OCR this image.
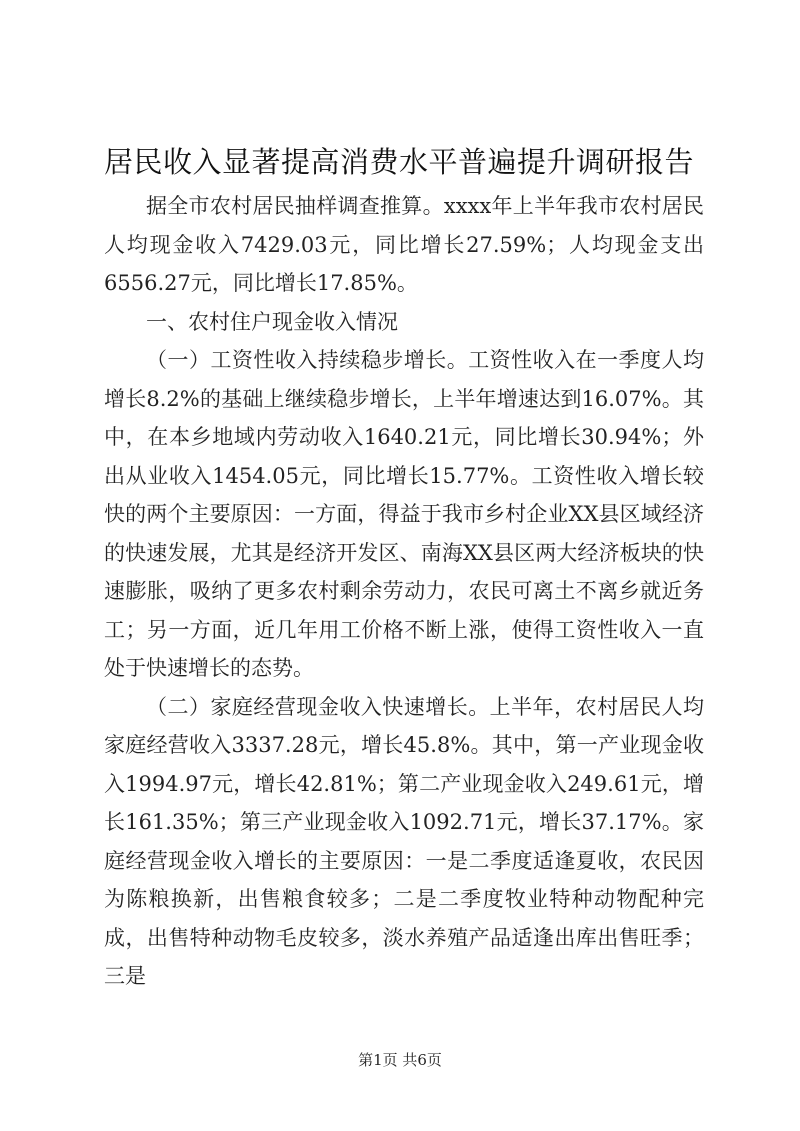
居民收入显著提高消费水平普遍提升调研报告

据全市农村居民抽样调查推算。xxxx年上半年我市农村居民人均现金收入7429.03元，同比增长27.59%；人均现金支出6556.27元，同比增长17.85%。

一、农村住户现金收入情况

（一）工资性收入持续稳步增长。工资性收入在一季度人均增长8.2%的基础上继续稳步增长，上半年增速达到16.07%。其中，在本乡地域内劳动收入1640.21元，同比增长30.94%；外出从业收入1454.05元，同比增长15.77%。工资性收入增长较快的两个主要原因：一方面，得益于我市乡村企业XX县区域经济的快速发展，尤其是经济开发区、南海XX县区两大经济板块的快速膨胀，吸纳了更多农村剩余劳动力，农民可离土不离乡就近务工；另一方面，近几年用工价格不断上涨，使得工资性收入一直处于快速增长的态势。

（二）家庭经营现金收入快速增长。上半年，农村居民人均家庭经营收入3337.28元，增长45.8%。其中，第一产业现金收入1994.97元，增长42.81%；第二产业现金收入249.61元，增长161.35%；第三产业现金收入1092.71元，增长37.17%。家庭经营现金收入增长的主要原因：一是二季度适逢夏收，农民因为陈粮换新，出售粮食较多；二是二季度牧业特种动物配种完成，出售特种动物毛皮较多，淡水养殖产品适逢出库出售旺季；三是

第1页 共6页
